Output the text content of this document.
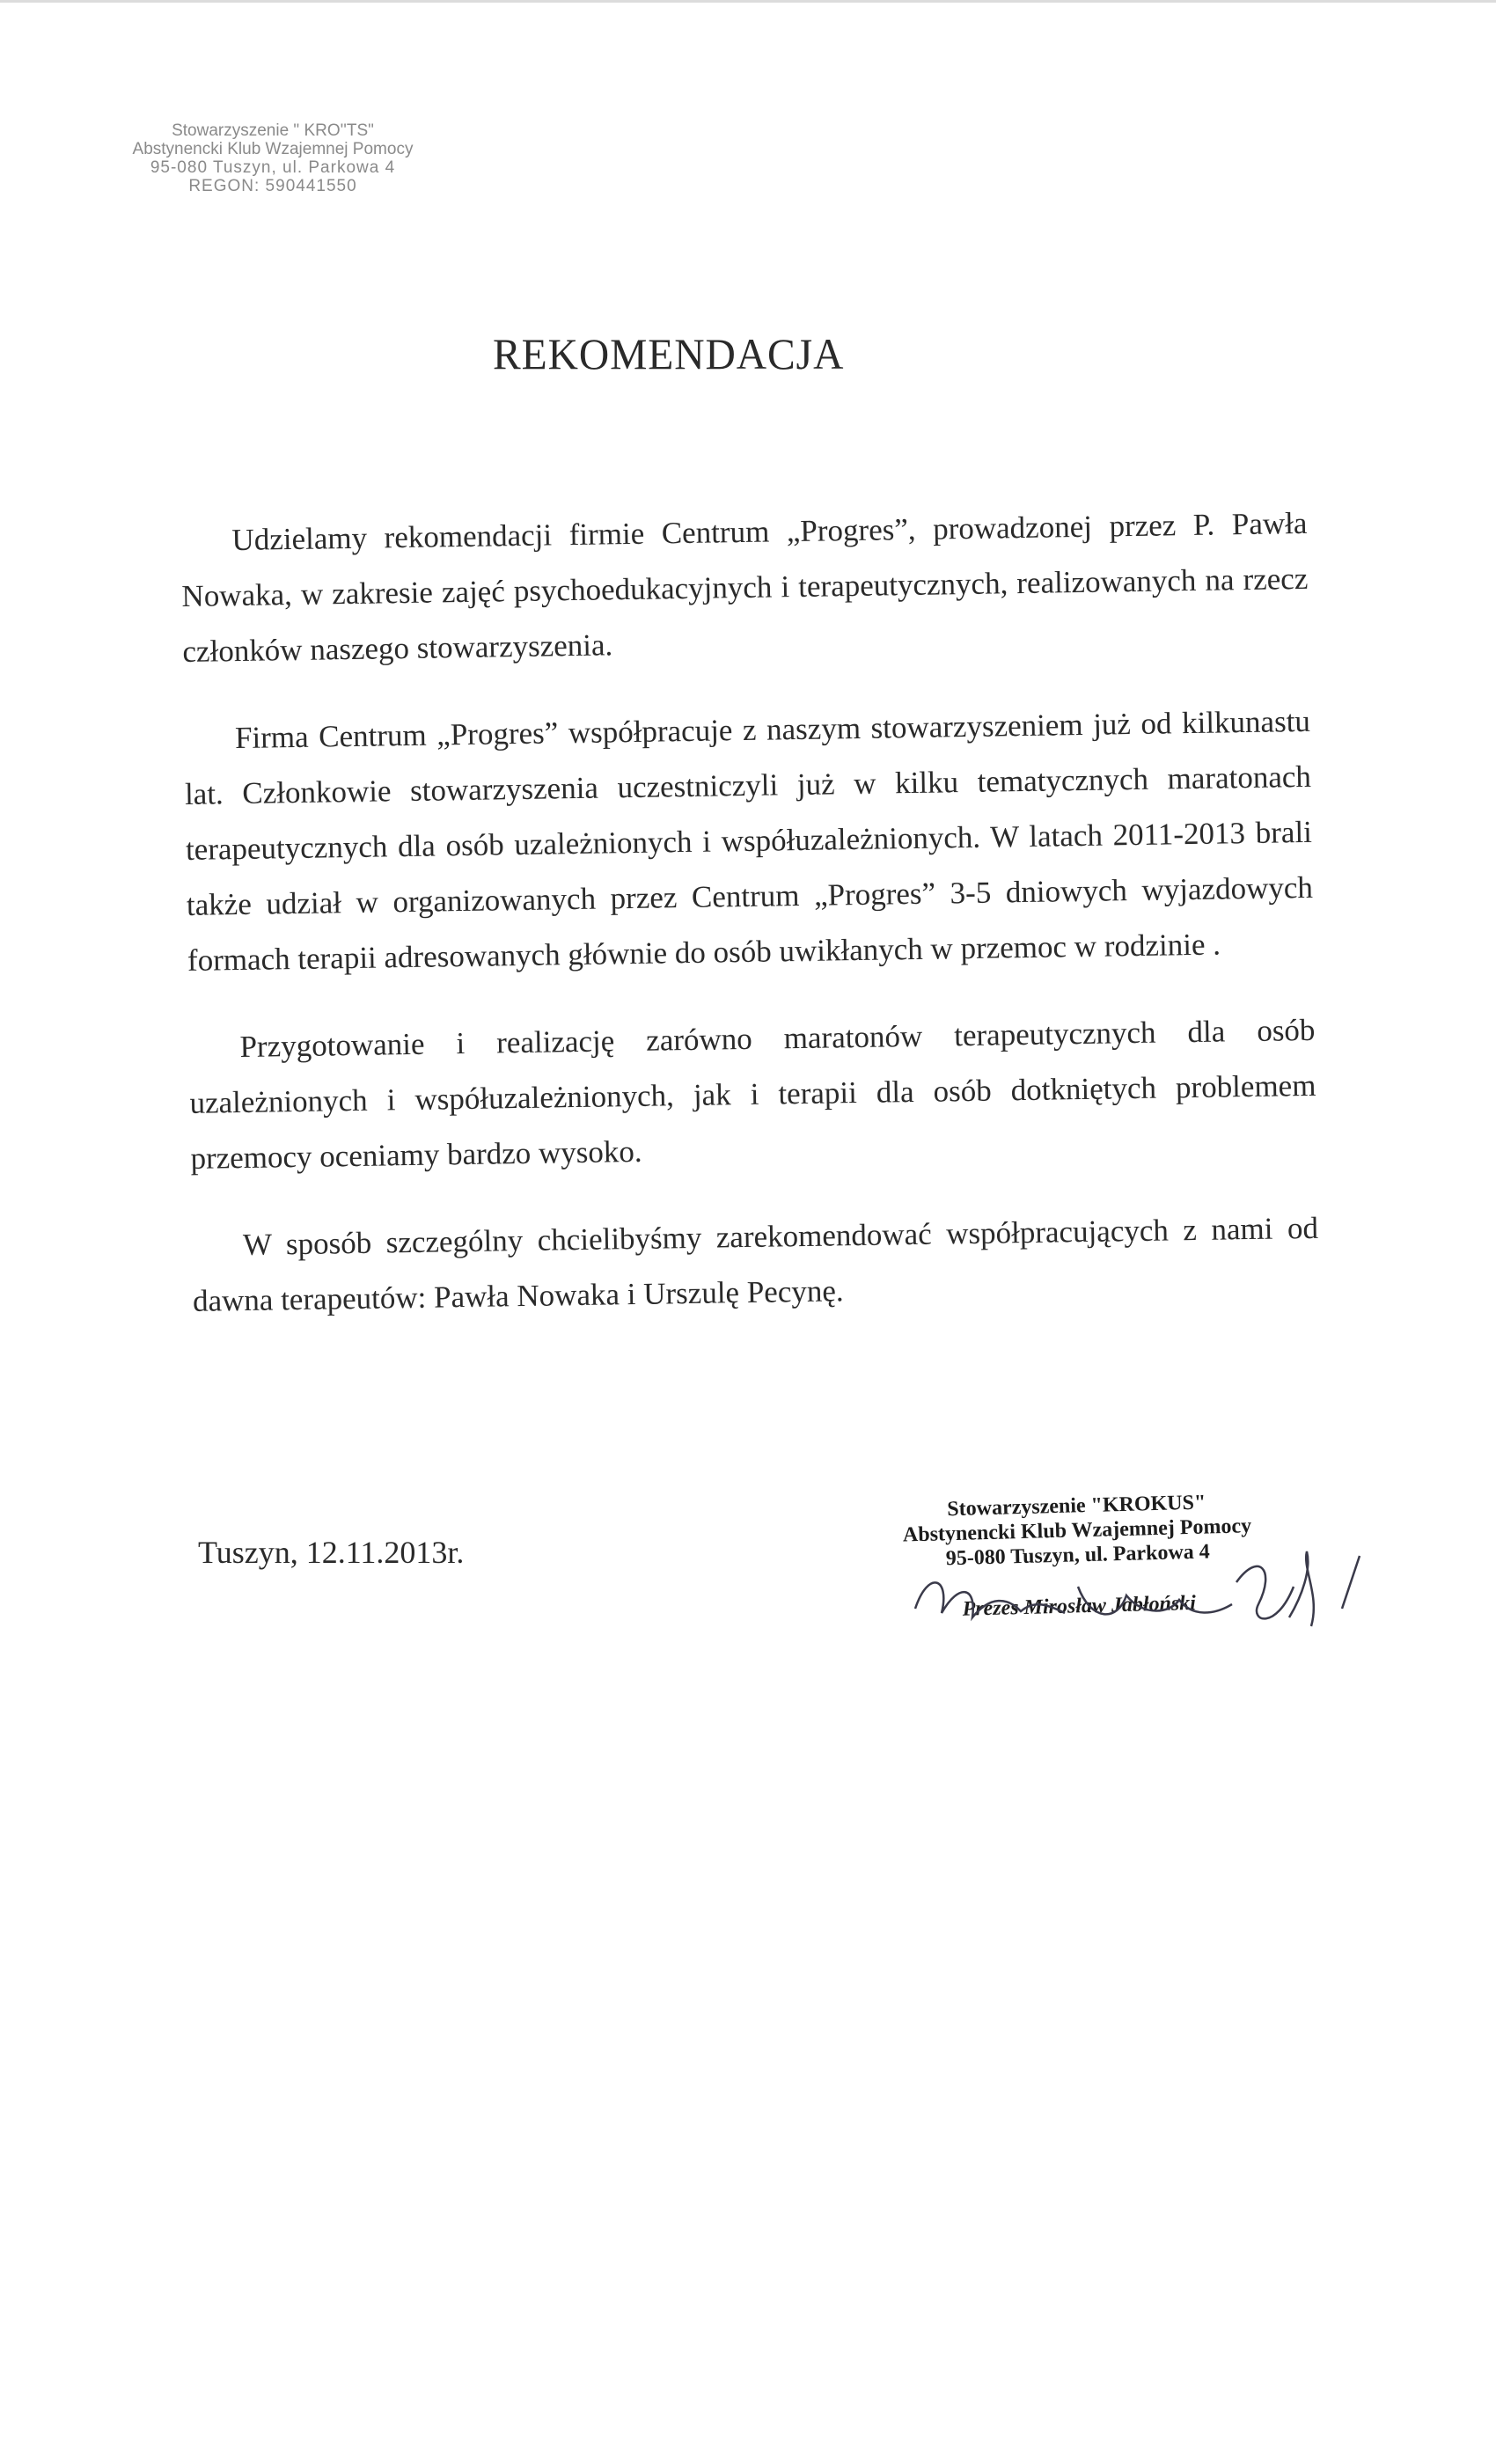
Stowarzyszenie " KRO''TS"
Abstynencki Klub Wzajemnej Pomocy
95-080 Tuszyn, ul. Parkowa 4
REGON: 590441550
REKOMENDACJA

Udzielamy rekomendacji firmie Centrum „Progres”, prowadzonej przez P. Pawła Nowaka, w zakresie zajęć psychoedukacyjnych i terapeutycznych, realizowanych na rzecz członków naszego stowarzyszenia.

Firma Centrum „Progres” współpracuje z naszym stowarzyszeniem już od kilkunastu lat. Członkowie stowarzyszenia uczestniczyli już w kilku tematycznych maratonach terapeutycznych dla osób uzależnionych i współuzależnionych. W latach 2011-2013 brali także udział w organizowanych przez Centrum „Progres” 3-5 dniowych wyjazdowych formach terapii adresowanych głównie do osób uwikłanych w przemoc w rodzinie .

Przygotowanie i realizację zarówno maratonów terapeutycznych dla osób uzależnionych i współuzależnionych, jak i terapii dla osób dotkniętych problemem przemocy oceniamy bardzo wysoko.

W sposób szczególny chcielibyśmy zarekomendować współpracujących z nami od dawna terapeutów: Pawła Nowaka i Urszulę Pecynę.

Tuszyn, 12.11.2013r.
Stowarzyszenie "KROKUS"
Abstynencki Klub Wzajemnej Pomocy
95-080 Tuszyn, ul. Parkowa 4
Prezes Mirosław Jabłoński
